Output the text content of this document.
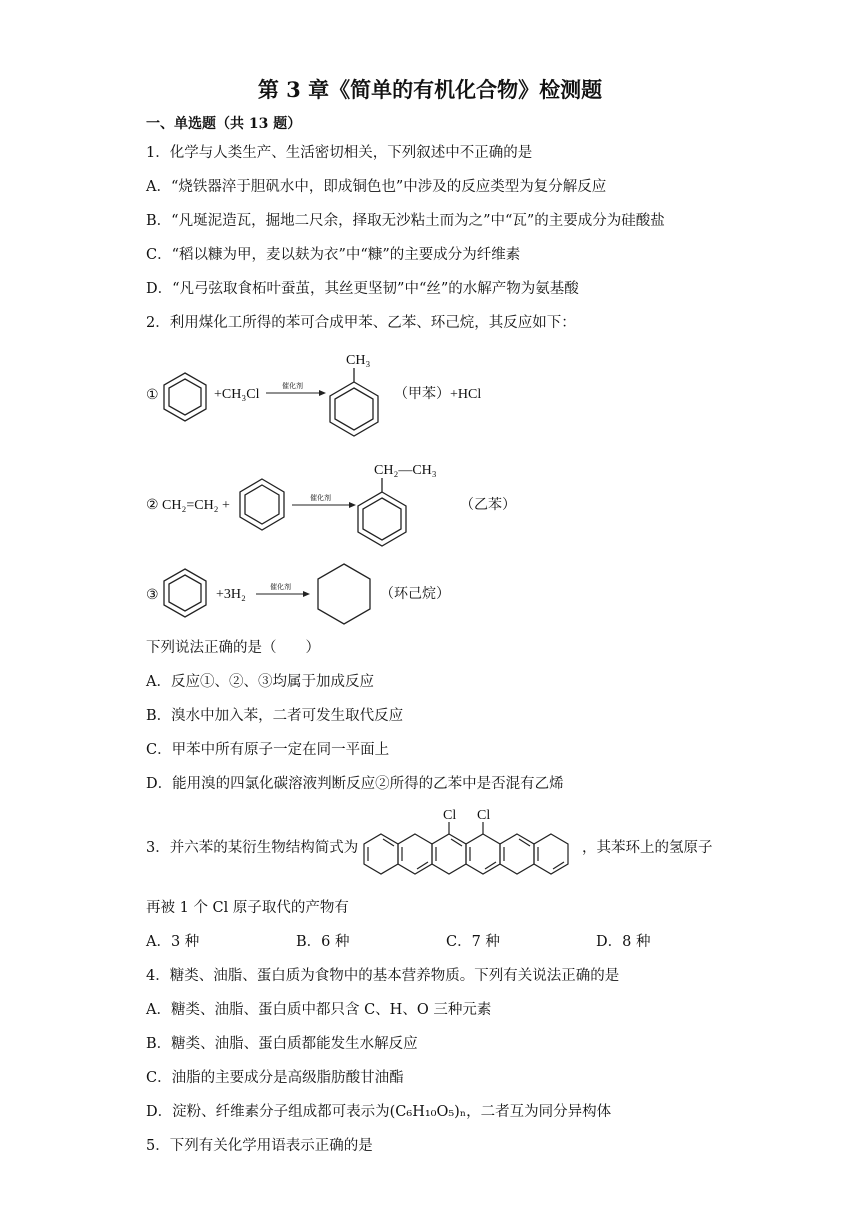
第 3 章《简单的有机化合物》检测题
一、单选题（共 13 题）
1．化学与人类生产、生活密切相关，下列叙述中不正确的是
A．“烧铁器淬于胆矾水中，即成铜色也”中涉及的反应类型为复分解反应
B．“凡埏泥造瓦，掘地二尺余，择取无沙粘土而为之”中“瓦”的主要成分为硅酸盐
C．“稻以糠为甲，麦以麸为衣”中“糠”的主要成分为纤维素
D．“凡弓弦取食柘叶蚕茧，其丝更坚韧”中“丝”的水解产物为氨基酸
2．利用煤化工所得的苯可合成甲苯、乙苯、环己烷，其反应如下：
①	+CH₃Cl
催化剂
CH₃
（甲苯）+HCl
② CH₂=CH₂ +	催化剂
CH₂—CH₃
（乙苯）
③	+3H₂	催化剂	（环己烷）
下列说法正确的是（　　）
A．反应①、②、③均属于加成反应
B．溴水中加入苯，二者可发生取代反应
C．甲苯中所有原子一定在同一平面上
D．能用溴的四氯化碳溶液判断反应②所得的乙苯中是否混有乙烯
3．并六苯的某衍生物结构简式为
Cl Cl
，其苯环上的氢原子
再被 1 个 Cl 原子取代的产物有
A．3 种	B．6 种	C．7 种	D．8 种
4．糖类、油脂、蛋白质为食物中的基本营养物质。下列有关说法正确的是
A．糖类、油脂、蛋白质中都只含 C、H、O 三种元素
B．糖类、油脂、蛋白质都能发生水解反应
C．油脂的主要成分是高级脂肪酸甘油酯
D．淀粉、纤维素分子组成都可表示为(C₆H₁₀O₅)ₙ，二者互为同分异构体
5．下列有关化学用语表示正确的是
